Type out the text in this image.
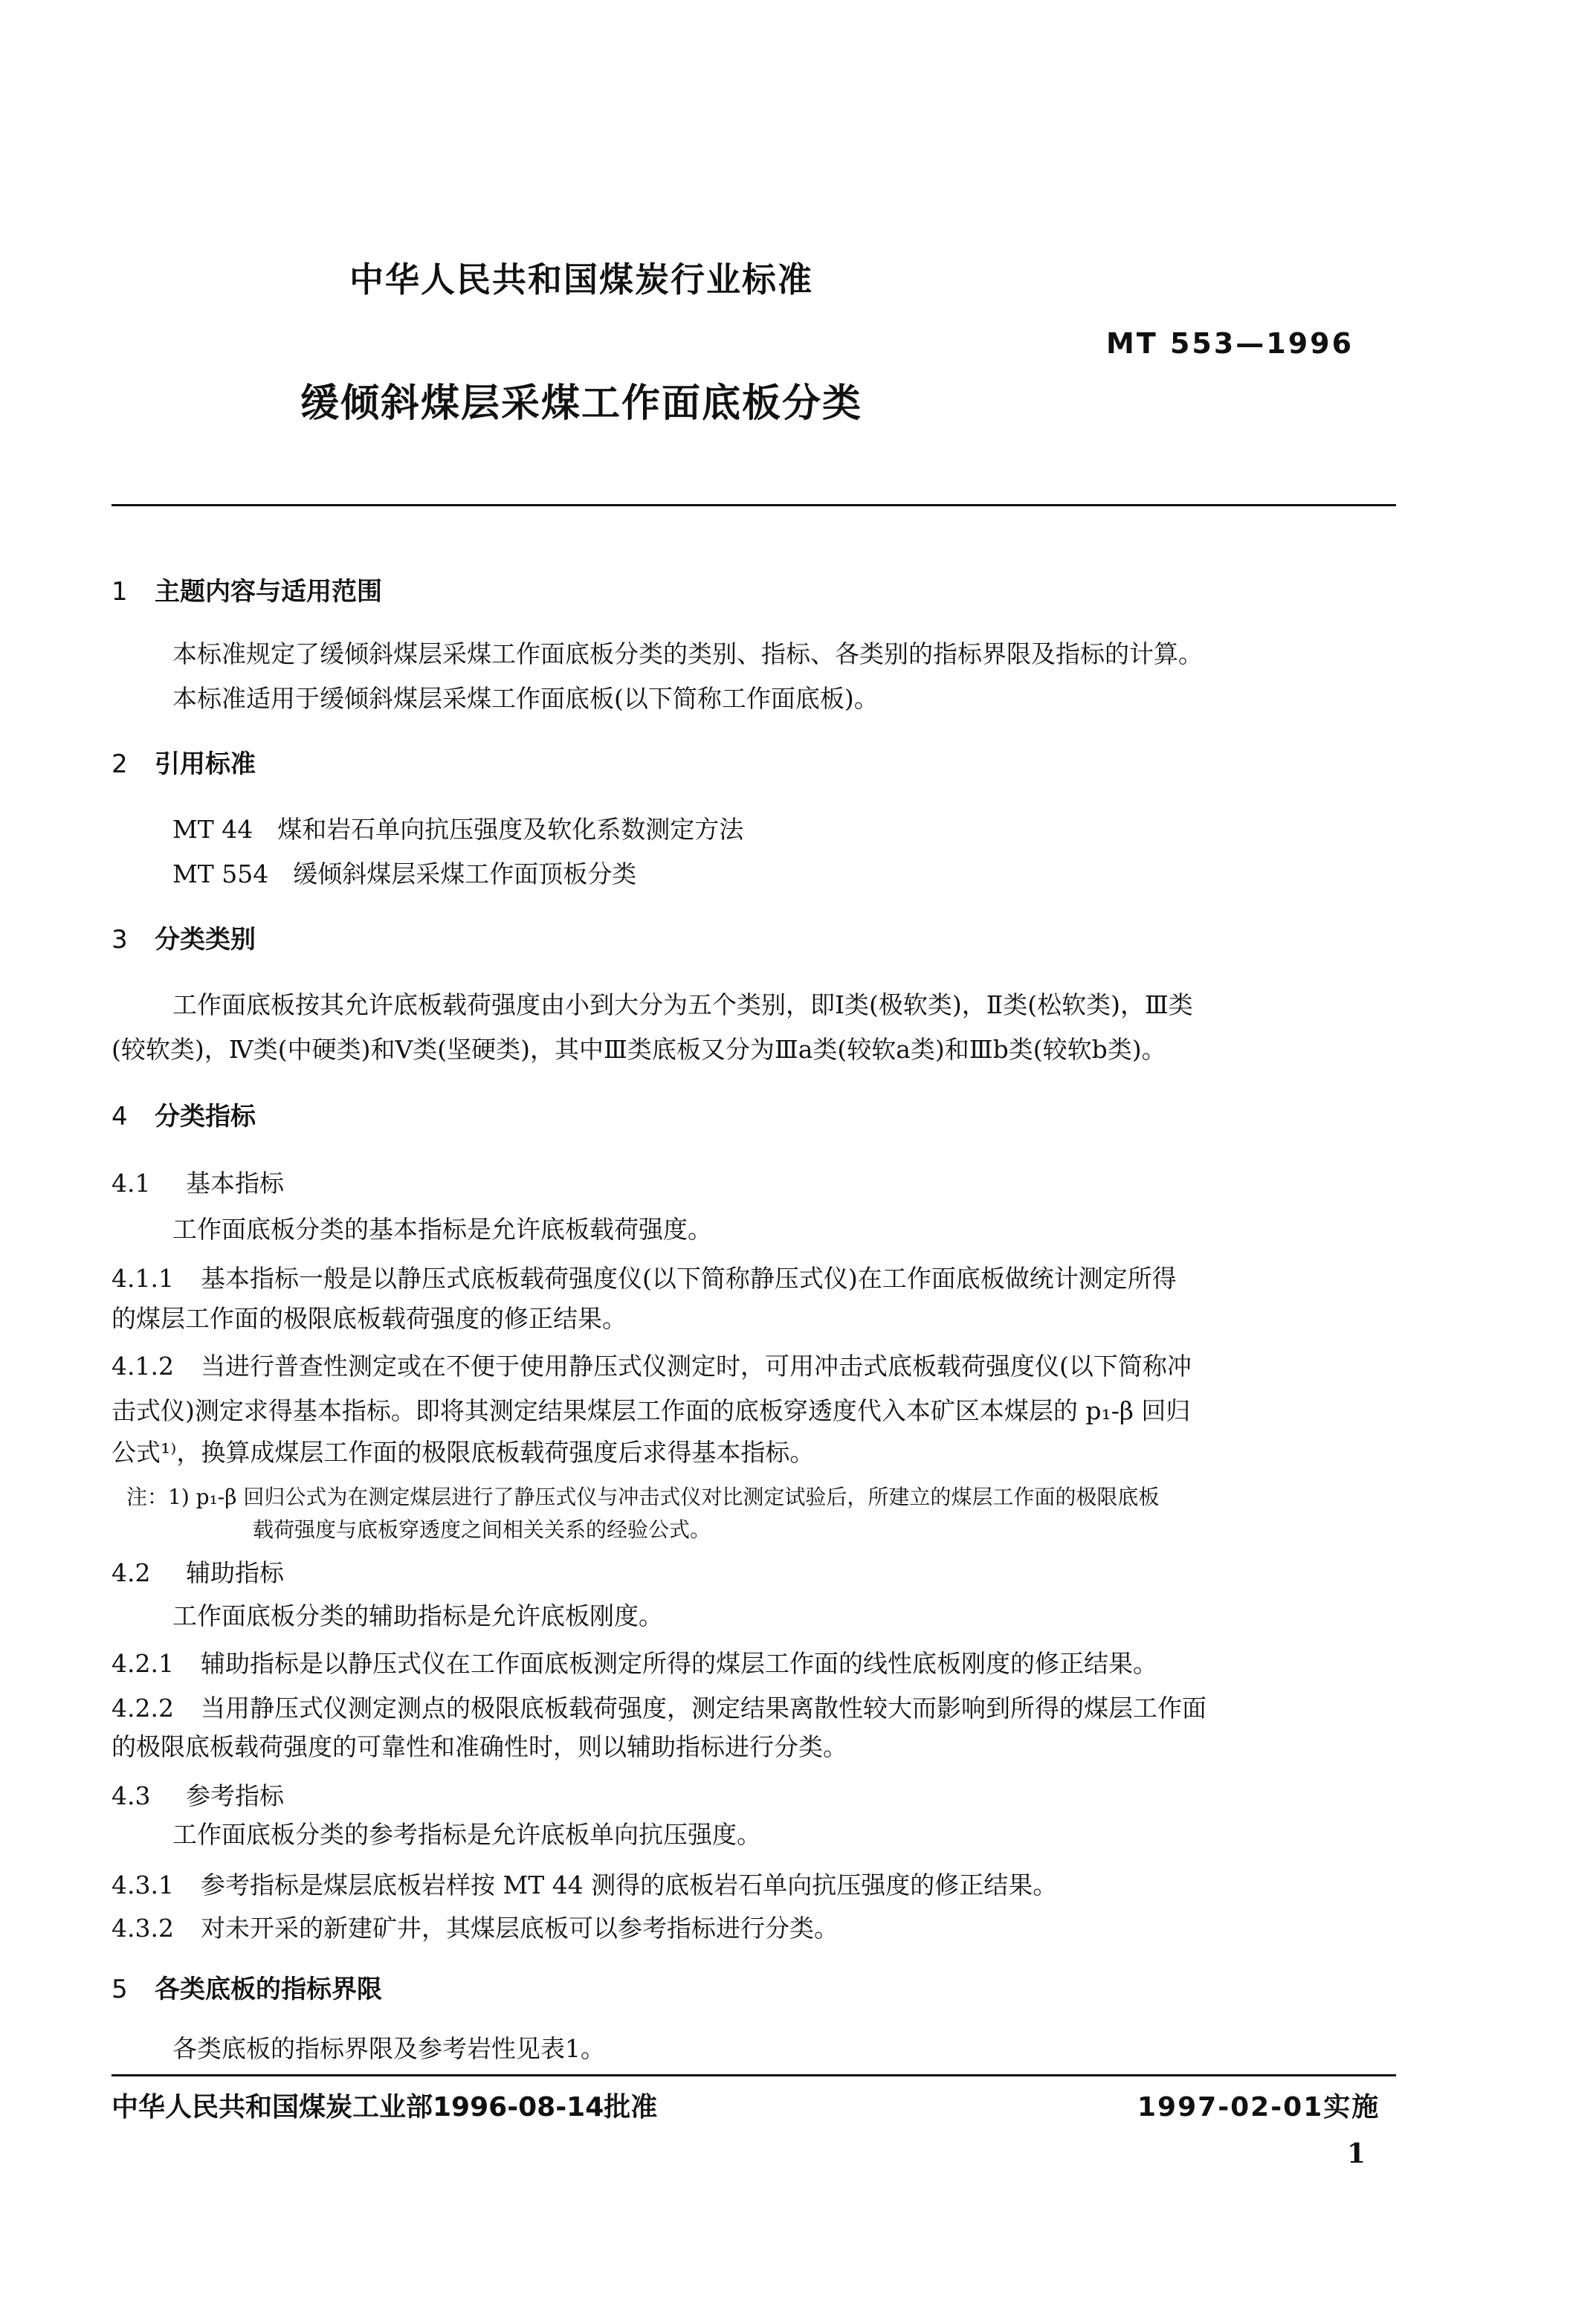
中华人民共和国煤炭行业标准
MT 553—1996
缓倾斜煤层采煤工作面底板分类
1 主题内容与适用范围
本标准规定了缓倾斜煤层采煤工作面底板分类的类别、指标、各类别的指标界限及指标的计算。
本标准适用于缓倾斜煤层采煤工作面底板(以下简称工作面底板)。
2 引用标准
MT 44　煤和岩石单向抗压强度及软化系数测定方法
MT 554　缓倾斜煤层采煤工作面顶板分类
3 分类类别
工作面底板按其允许底板载荷强度由小到大分为五个类别，即Ⅰ类(极软类)，Ⅱ类(松软类)，Ⅲ类
(较软类)，Ⅳ类(中硬类)和Ⅴ类(坚硬类)，其中Ⅲ类底板又分为Ⅲa类(较软a类)和Ⅲb类(较软b类)。
4 分类指标
4.1 基本指标
工作面底板分类的基本指标是允许底板载荷强度。
4.1.1 基本指标一般是以静压式底板载荷强度仪(以下简称静压式仪)在工作面底板做统计测定所得
的煤层工作面的极限底板载荷强度的修正结果。
4.1.2 当进行普查性测定或在不便于使用静压式仪测定时，可用冲击式底板载荷强度仪(以下简称冲
击式仪)测定求得基本指标。即将其测定结果煤层工作面的底板穿透度代入本矿区本煤层的 p₁-β 回归
公式¹⁾，换算成煤层工作面的极限底板载荷强度后求得基本指标。
注：1) p₁-β 回归公式为在测定煤层进行了静压式仪与冲击式仪对比测定试验后，所建立的煤层工作面的极限底板
载荷强度与底板穿透度之间相关关系的经验公式。
4.2 辅助指标
工作面底板分类的辅助指标是允许底板刚度。
4.2.1 辅助指标是以静压式仪在工作面底板测定所得的煤层工作面的线性底板刚度的修正结果。
4.2.2 当用静压式仪测定测点的极限底板载荷强度，测定结果离散性较大而影响到所得的煤层工作面
的极限底板载荷强度的可靠性和准确性时，则以辅助指标进行分类。
4.3 参考指标
工作面底板分类的参考指标是允许底板单向抗压强度。
4.3.1 参考指标是煤层底板岩样按 MT 44 测得的底板岩石单向抗压强度的修正结果。
4.3.2 对未开采的新建矿井，其煤层底板可以参考指标进行分类。
5 各类底板的指标界限
各类底板的指标界限及参考岩性见表1。
中华人民共和国煤炭工业部1996-08-14批准	1997-02-01实施
1
